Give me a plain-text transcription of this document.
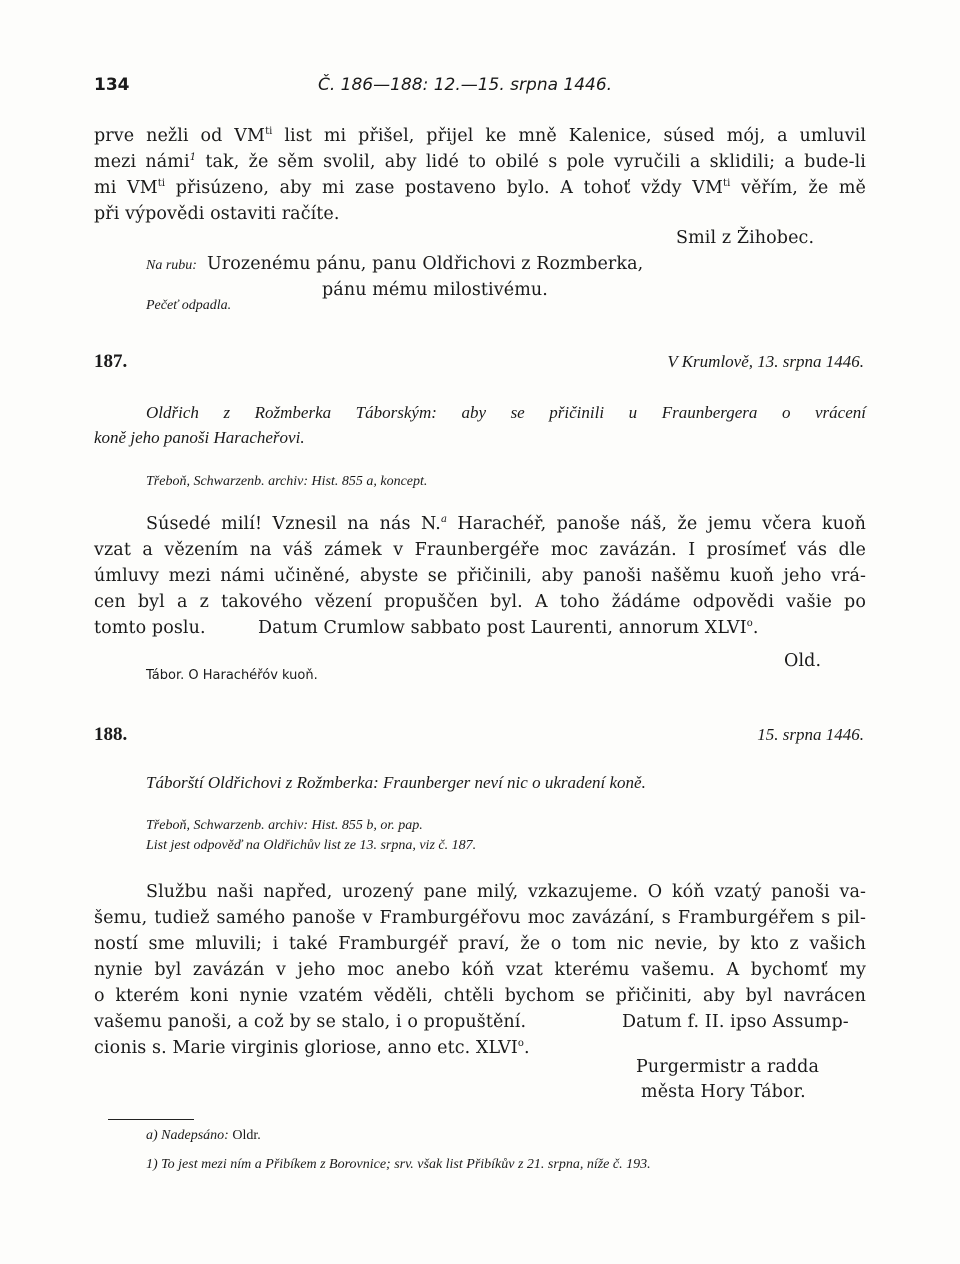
134	Č. 186—188: 12.—15. srpna 1446.
prve nežli od $VM^{ti}$ list mi přišel, přijel ke mně Kalenice, súsed mój, a umluvil
mezi námi$^1$ tak, že sěm svolil, aby lidé to obilé s pole vyručili a sklidili; a bude-li
mi $VM^{ti}$ přisúzeno, aby mi zase postaveno bylo. A tohoť vždy $VM^{ti}$ věřím, že mě
při výpovědi ostaviti račíte.
Smil z Žihobec.
Na rubu: Urozenému pánu, panu Oldřichovi z Rozmberka,
pánu mému milostivému.
Pečeť odpadla.
187.	V Krumlově, 13. srpna 1446.
Oldřich z Rožmberka Táborským: aby se přičinili u Fraunbergera o vrácení
koně jeho panoši Haracheřovi.
Třeboň, Schwarzenb. archiv: Hist. 855 a, koncept.
Súsedé milí! Vznesil na nás N.$^a$ Harachéř, panoše náš, že jemu včera kuoň
vzat a vězením na váš zámek v Fraunbergéře moc zavázán. I prosímeť vás dle
úmluvy mezi námi učiněné, abyste se přičinili, aby panoši našěmu kuoň jeho vrá-
cen byl a z takového vězení propuščen byl. A toho žádáme odpovědi vašie po
tomto poslu.	Datum Crumlow sabbato post Laurenti, annorum XLVI$^o$.
Old.
Tábor. O Harachéřóv kuoň.
188.	15. srpna 1446.
Táborští Oldřichovi z Rožmberka: Fraunberger neví nic o ukradení koně.
Třeboň, Schwarzenb. archiv: Hist. 855 b, or. pap.
List jest odpověď na Oldřichův list ze 13. srpna, viz č. 187.
Službu naši napřed, urozený pane milý, vzkazujeme. O kóň vzatý panoši va-
šemu, tudiež samého panoše v Framburgéřovu moc zavázání, s Framburgéřem s pil-
ností sme mluvili; i také Framburgéř praví, že o tom nic nevie, by kto z vašich
nynie byl zavázán v jeho moc anebo kóň vzat kterému vašemu. A bychomť my
o kterém koni nynie vzatém věděli, chtěli bychom se přičiniti, aby byl navrácen
vašemu panoši, a což by se stalo, i o propuštění.	Datum f. II. ipso Assump-
cionis s. Marie virginis gloriose, anno etc. XLVI$^o$.
Purgermistr a radda
města Hory Tábor.
a) Nadepsáno: Oldr.
1) To jest mezi ním a Přibíkem z Borovnice; srv. však list Přibíkův z 21. srpna, níže č. 193.
